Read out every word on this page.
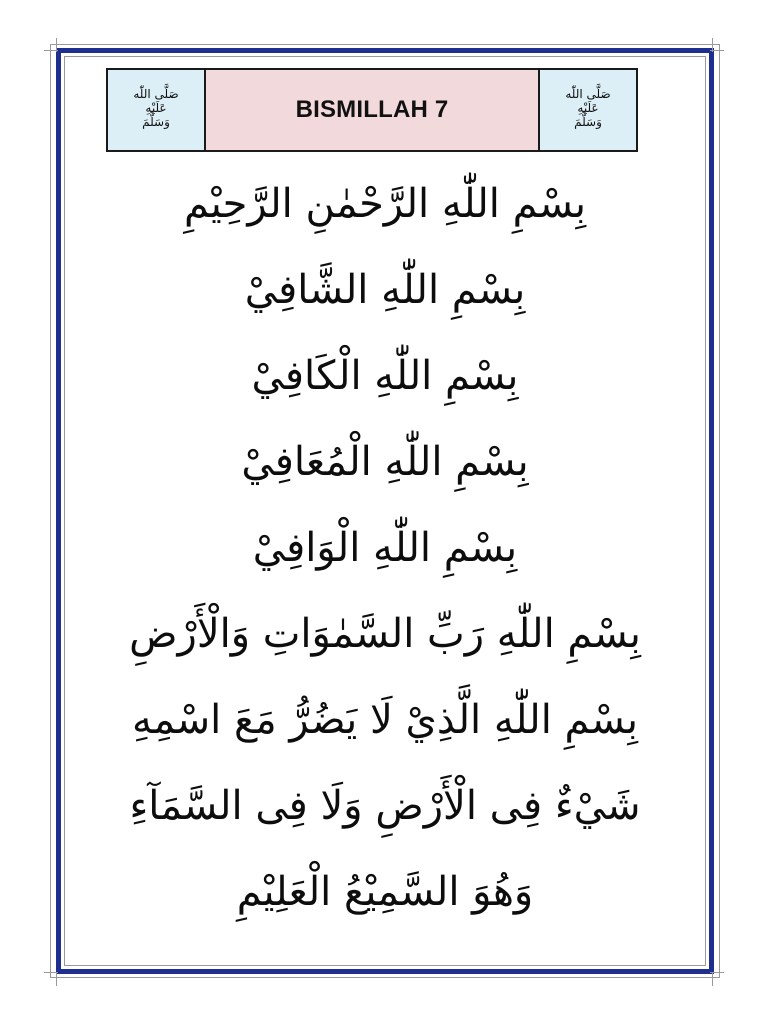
صَلَّى اللّٰه
عَلَيْهِ
وَسَلَّمَ	BISMILLAH 7
صَلَّى اللّٰه
عَلَيْهِ
وَسَلَّمَ
بِسْمِ اللّٰهِ الرَّحْمٰنِ الرَّحِيْمِ
بِسْمِ اللّٰهِ الشَّافِيْ
بِسْمِ اللّٰهِ الْكَافِيْ
بِسْمِ اللّٰهِ الْمُعَافِيْ
بِسْمِ اللّٰهِ الْوَافِيْ
بِسْمِ اللّٰهِ رَبِّ السَّمٰوَاتِ وَالْأَرْضِ
بِسْمِ اللّٰهِ الَّذِيْ لَا يَضُرُّ مَعَ اسْمِهِ
شَيْءٌ فِى الْأَرْضِ وَلَا فِى السَّمَآءِ
وَهُوَ السَّمِيْعُ الْعَلِيْمِ
